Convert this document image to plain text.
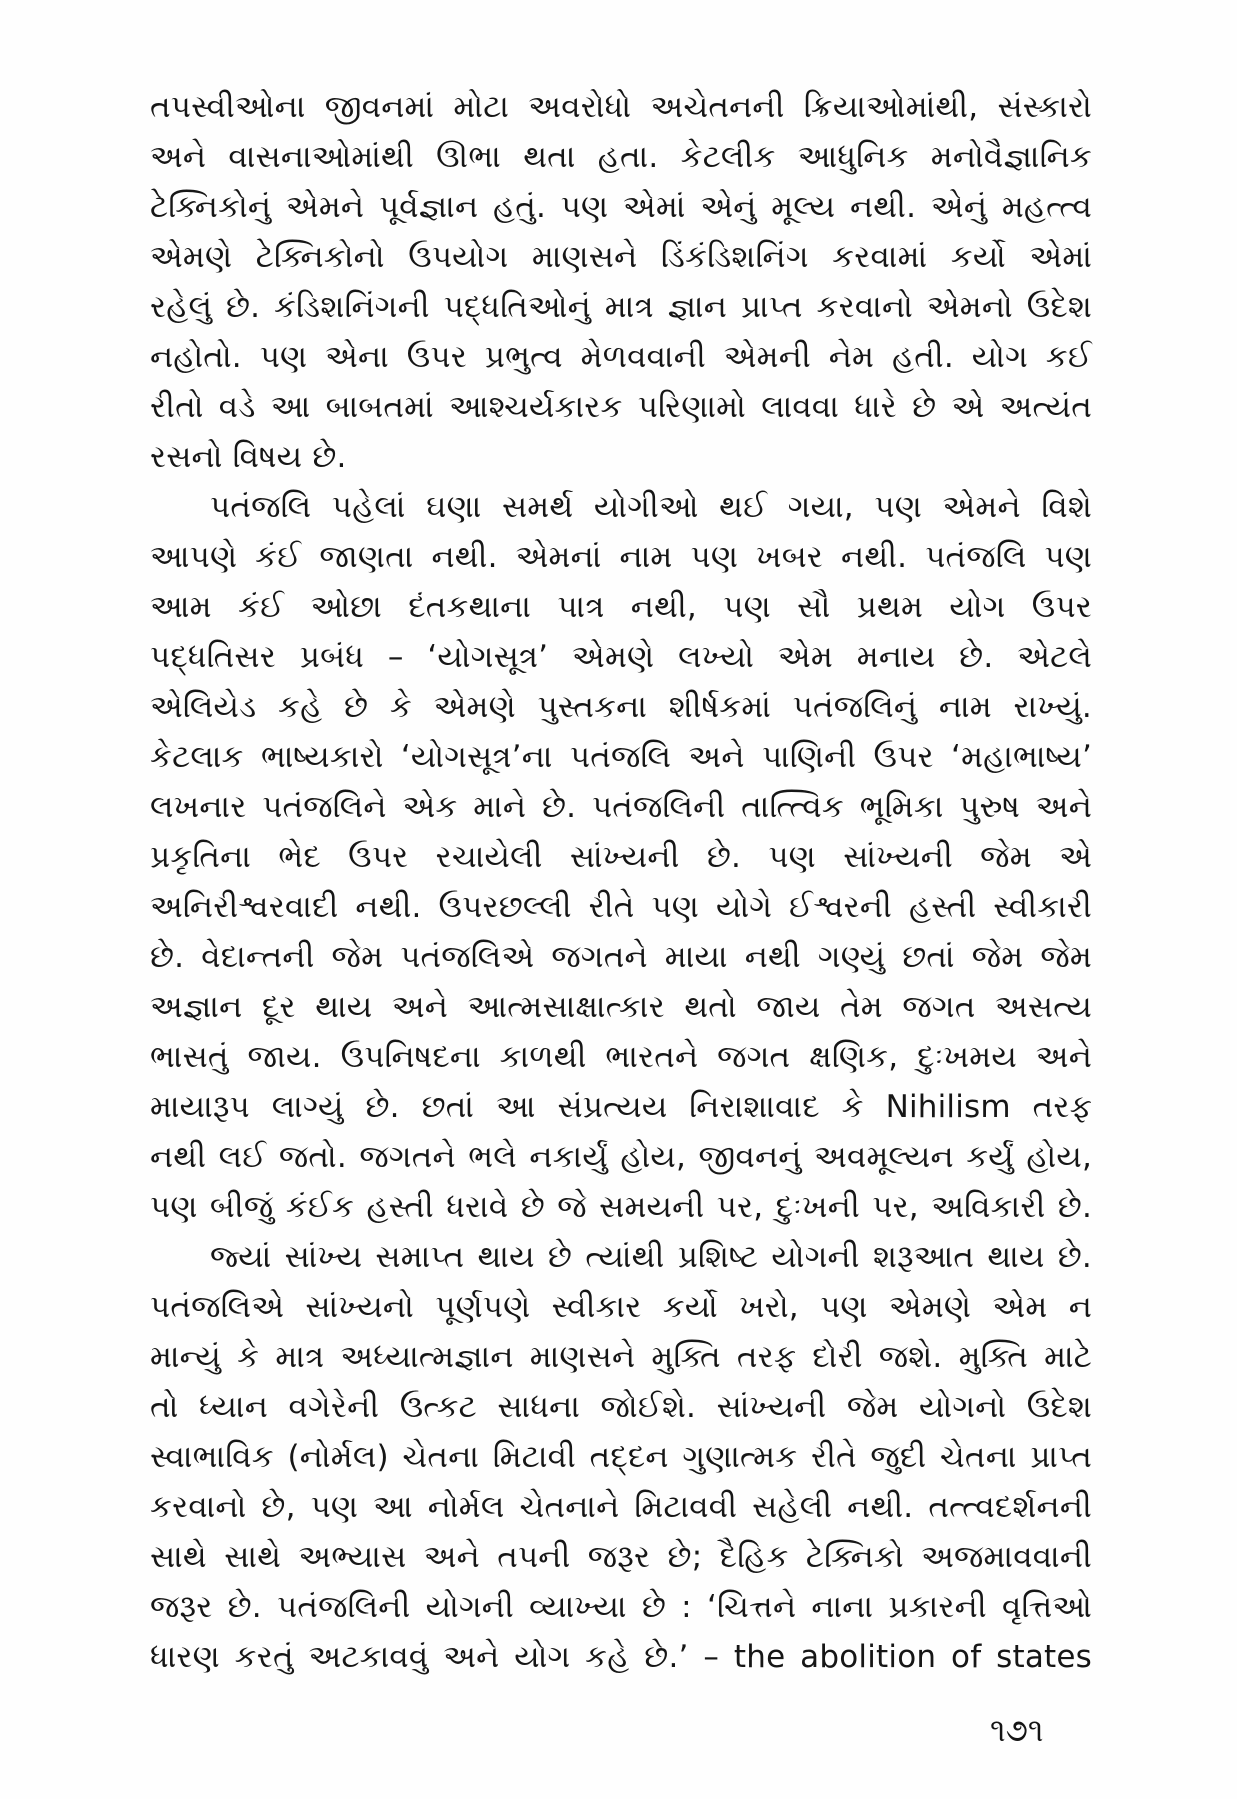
તપસ્વીઓના જીવનમાં મોટા અવરોધો અચેતનની ક્રિયાઓમાંથી, સંસ્કારો
અને વાસનાઓમાંથી ઊભા થતા હતા. કેટલીક આધુનિક મનોવૈજ્ઞાનિક
ટેક્નિકોનું એમને પૂર્વજ્ઞાન હતું. પણ એમાં એનું મૂલ્ય નથી. એનું મહત્ત્વ
એમણે ટેક્નિકોનો ઉપયોગ માણસને ડિંકંડિશનિંગ કરવામાં કર્યો એમાં
રહેલું છે. કંડિશનિંગની પદ્ધતિઓનું માત્ર જ્ઞાન પ્રાપ્ત કરવાનો એમનો ઉદેશ
નહોતો. પણ એના ઉપર પ્રભુત્વ મેળવવાની એમની નેમ હતી. યોગ કઈ
રીતો વડે આ બાબતમાં આશ્ચર્યકારક પરિણામો લાવવા ધારે છે એ અત્યંત
રસનો વિષય છે.
પતંજલિ પહેલાં ઘણા સમર્થ યોગીઓ થઈ ગયા, પણ એમને વિશે
આપણે કંઈ જાણતા નથી. એમનાં નામ પણ ખબર નથી. પતંજલિ પણ
આમ કંઈ ઓછા દંતકથાના પાત્ર નથી, પણ સૌ પ્રથમ યોગ ઉપર
પદ્ધતિસર પ્રબંધ – ‘યોગસૂત્ર’ એમણે લખ્યો એમ મનાય છે. એટલે
એલિયેડ કહે છે કે એમણે પુસ્તકના શીર્ષકમાં પતંજલિનું નામ રાખ્યું.
કેટલાક ભાષ્યકારો ‘યોગસૂત્ર’ના પતંજલિ અને પાણિની ઉપર ‘મહાભાષ્ય’
લખનાર પતંજલિને એક માને છે. પતંજલિની તાત્ત્વિક ભૂમિકા પુરુષ અને
પ્રકૃતિના ભેદ ઉપર રચાયેલી સાંખ્યની છે. પણ સાંખ્યની જેમ એ
અનિરીશ્વરવાદી નથી. ઉપરછલ્લી રીતે પણ યોગે ઈશ્વરની હસ્તી સ્વીકારી
છે. વેદાન્તની જેમ પતંજલિએ જગતને માયા નથી ગણ્યું છતાં જેમ જેમ
અજ્ઞાન દૂર થાય અને આત્મસાક્ષાત્કાર થતો જાય તેમ જગત અસત્ય
ભાસતું જાય. ઉપનિષદના કાળથી ભારતને જગત ક્ષણિક, દુઃખમય અને
માયારૂપ લાગ્યું છે. છતાં આ સંપ્રત્યય નિરાશાવાદ કે Nihilism તરફ
નથી લઈ જતો. જગતને ભલે નકાર્યું હોય, જીવનનું અવમૂલ્યન કર્યું હોય,
પણ બીજું કંઈક હસ્તી ધરાવે છે જે સમયની પર, દુઃખની પર, અવિકારી છે.
જ્યાં સાંખ્ય સમાપ્ત થાય છે ત્યાંથી પ્રશિષ્ટ યોગની શરૂઆત થાય છે.
પતંજલિએ સાંખ્યનો પૂર્ણપણે સ્વીકાર કર્યો ખરો, પણ એમણે એમ ન
માન્યું કે માત્ર અધ્યાત્મજ્ઞાન માણસને મુક્તિ તરફ દોરી જશે. મુક્તિ માટે
તો ધ્યાન વગેરેની ઉત્કટ સાધના જોઈશે. સાંખ્યની જેમ યોગનો ઉદેશ
સ્વાભાવિક (નોર્મલ) ચેતના મિટાવી તદ્દન ગુણાત્મક રીતે જુદી ચેતના પ્રાપ્ત
કરવાનો છે, પણ આ નોર્મલ ચેતનાને મિટાવવી સહેલી નથી. તત્ત્વદર્શનની
સાથે સાથે અભ્યાસ અને તપની જરૂર છે; દૈહિક ટેક્નિકો અજમાવવાની
જરૂર છે. પતંજલિની યોગની વ્યાખ્યા છે : ‘ચિત્તને નાના પ્રકારની વૃત્તિઓ
ધારણ કરતું અટકાવવું અને યોગ કહે છે.’ – the abolition of states
૧૭૧
